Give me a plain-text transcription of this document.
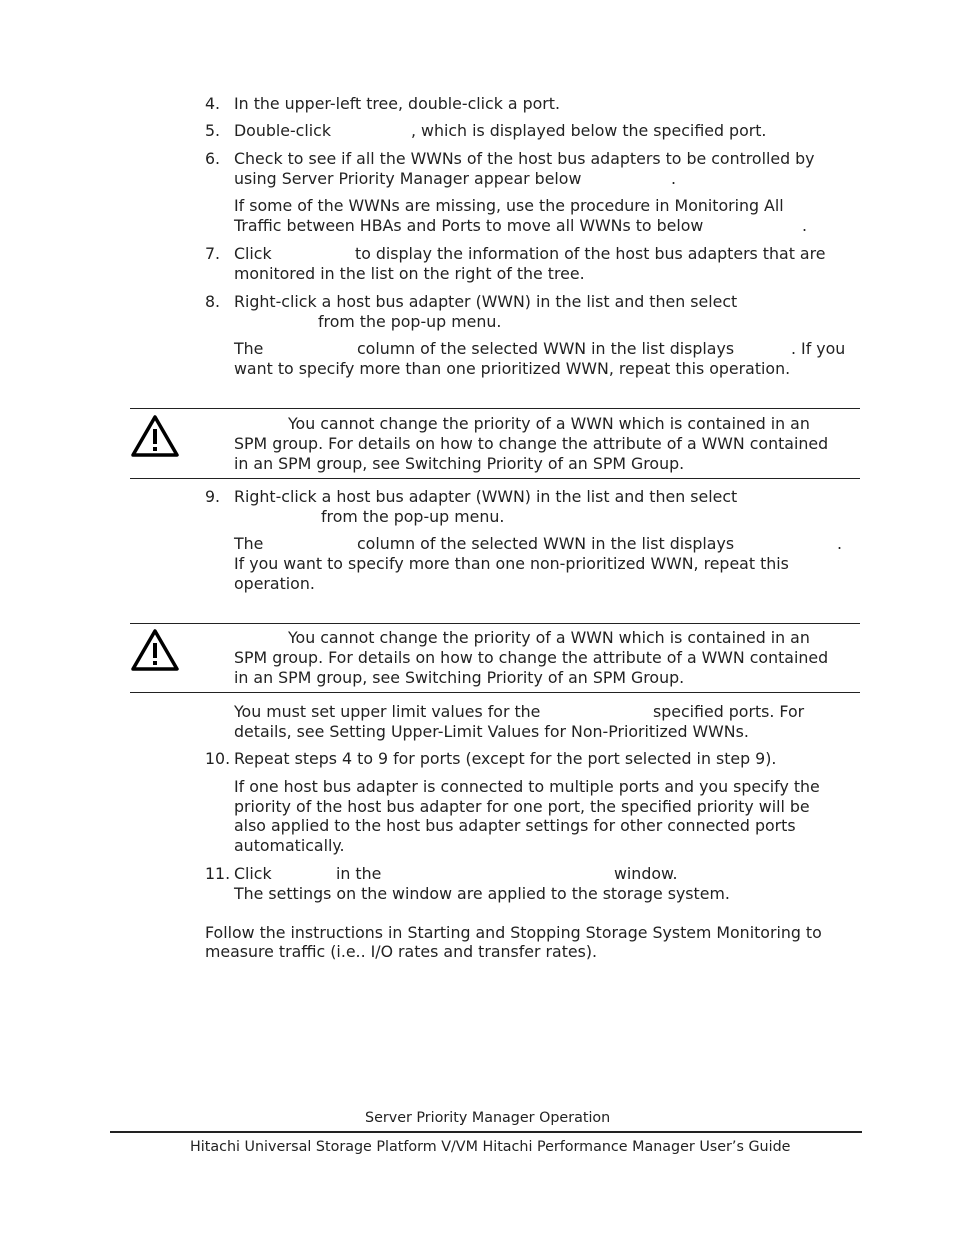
4. In the upper-left tree, double-click a port.
5. Double-click	, which is displayed below the specified port.
6. Check to see if all the WWNs of the host bus adapters to be controlled by
using Server Priority Manager appear below	.
If some of the WWNs are missing, use the procedure in Monitoring All
Traffic between HBAs and Ports to move all WWNs to below	.
7. Click	to display the information of the host bus adapters that are
monitored in the list on the right of the tree.
8. Right-click a host bus adapter (WWN) in the list and then select
from the pop-up menu.
The	column of the selected WWN in the list displays	. If you
want to specify more than one prioritized WWN, repeat this operation.
You cannot change the priority of a WWN which is contained in an
SPM group. For details on how to change the attribute of a WWN contained
in an SPM group, see Switching Priority of an SPM Group.
9. Right-click a host bus adapter (WWN) in the list and then select
from the pop-up menu.
The	column of the selected WWN in the list displays	.
If you want to specify more than one non-prioritized WWN, repeat this
operation.
You cannot change the priority of a WWN which is contained in an
SPM group. For details on how to change the attribute of a WWN contained
in an SPM group, see Switching Priority of an SPM Group.
You must set upper limit values for the	specified ports. For
details, see Setting Upper-Limit Values for Non-Prioritized WWNs.
10. Repeat steps 4 to 9 for ports (except for the port selected in step 9).
If one host bus adapter is connected to multiple ports and you specify the
priority of the host bus adapter for one port, the specified priority will be
also applied to the host bus adapter settings for other connected ports
automatically.
11. Click	in the	window.
The settings on the window are applied to the storage system.
Follow the instructions in Starting and Stopping Storage System Monitoring to
measure traffic (i.e.. I/O rates and transfer rates).
Server Priority Manager Operation
Hitachi Universal Storage Platform V/VM Hitachi Performance Manager User’s Guide
